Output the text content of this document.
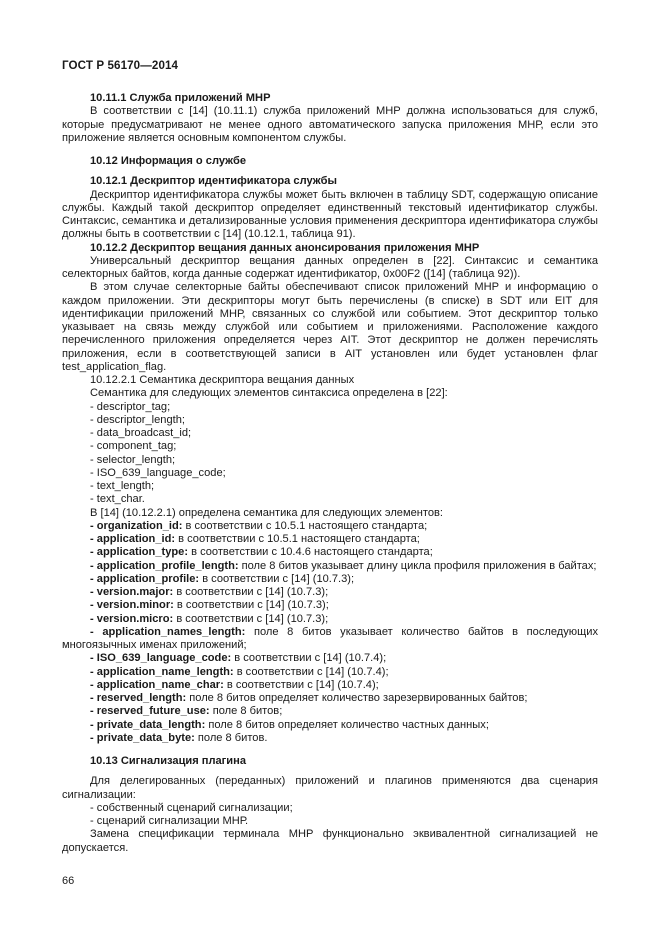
ГОСТ Р 56170—2014

10.11.1 Служба приложений МНР

В соответствии с [14] (10.11.1) служба приложений МНР должна использоваться для служб, которые предусматривают не менее одного автоматического запуска приложения МНР, если это приложение является основным компонентом службы.

10.12 Информация о службе

10.12.1 Дескриптор идентификатора службы

Дескриптор идентификатора службы может быть включен в таблицу SDT, содержащую описание службы. Каждый такой дескриптор определяет единственный текстовый идентификатор службы. Синтаксис, семантика и детализированные условия применения дескриптора идентификатора службы должны быть в соответствии с [14] (10.12.1, таблица 91).

10.12.2 Дескриптор вещания данных анонсирования приложения МНР

Универсальный дескриптор вещания данных определен в [22]. Синтаксис и семантика селекторных байтов, когда данные содержат идентификатор, 0x00F2 ([14] (таблица 92)).

В этом случае селекторные байты обеспечивают список приложений МНР и информацию о каждом приложении. Эти дескрипторы могут быть перечислены (в списке) в SDT или EIT для идентификации приложений МНР, связанных со службой или событием. Этот дескриптор только указывает на связь между службой или событием и приложениями. Расположение каждого перечисленного приложения определяется через AIT. Этот дескриптор не должен перечислять приложения, если в соответствующей записи в AIT установлен или будет установлен флаг test_application_flag.

10.12.2.1 Семантика дескриптора вещания данных

Семантика для следующих элементов синтаксиса определена в [22]:

- descriptor_tag;

- descriptor_length;

- data_broadcast_id;

- component_tag;

- selector_length;

- ISO_639_language_code;

- text_length;

- text_char.

В [14] (10.12.2.1) определена семантика для следующих элементов:

- organization_id: в соответствии с 10.5.1 настоящего стандарта;

- application_id: в соответствии с 10.5.1 настоящего стандарта;

- application_type: в соответствии с 10.4.6 настоящего стандарта;

- application_profile_length: поле 8 битов указывает длину цикла профиля приложения в байтах;

- application_profile: в соответствии с [14] (10.7.3);

- version.major: в соответствии с [14] (10.7.3);

- version.minor: в соответствии с [14] (10.7.3);

- version.micro: в соответствии с [14] (10.7.3);

- application_names_length: поле 8 битов указывает количество байтов в последующих многоязычных именах приложений;

- ISO_639_language_code: в соответствии с [14] (10.7.4);

- application_name_length: в соответствии с [14] (10.7.4);

- application_name_char: в соответствии с [14] (10.7.4);

- reserved_length: поле 8 битов определяет количество зарезервированных байтов;

- reserved_future_use: поле 8 битов;

- private_data_length: поле 8 битов определяет количество частных данных;

- private_data_byte: поле 8 битов.

10.13 Сигнализация плагина

Для делегированных (переданных) приложений и плагинов применяются два сценария сигнализации:

- собственный сценарий сигнализации;

- сценарий сигнализации МНР.

Замена спецификации терминала МНР функционально эквивалентной сигнализацией не допускается.

66
